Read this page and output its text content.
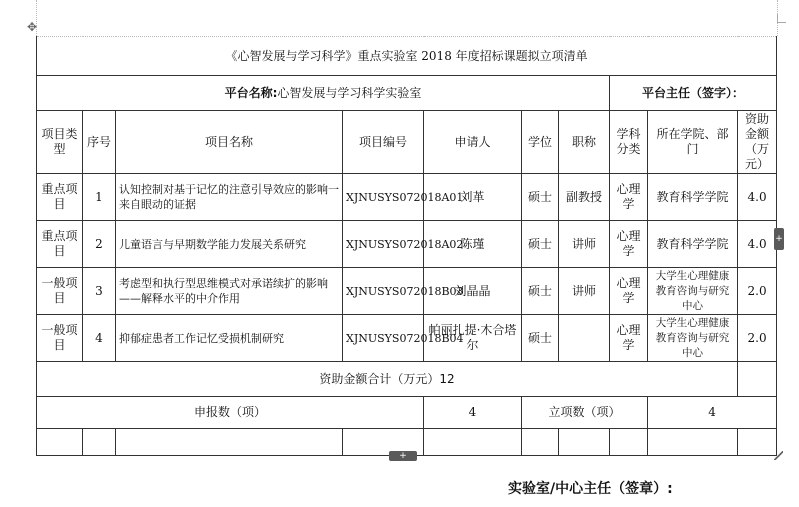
✥
《心智发展与学习科学》重点实验室 2018 年度招标课题拟立项清单									
平台名称:心智发展与学习科学实验室							平台主任（签字）：		
项目类型	序号	项目名称	项目编号	申请人	学位	职称	学科分类	所在学院、部门	资助金额（万元）
重点项目	1	认知控制对基于记忆的注意引导效应的影响一来自眼动的证据	XJNUSYS072018A01	刘革	硕士	副教授	心理学	教育科学学院	4.0
重点项目	2	儿童语言与早期数学能力发展关系研究	XJNUSYS072018A02	陈瑾	硕士	讲师	心理学	教育科学学院	4.0
一般项目	3	考虑型和执行型思维模式对承诺续扩的影响——解释水平的中介作用	XJNUSYS072018B03	刘晶晶	硕士	讲师	心理学	大学生心理健康教育咨询与研究中心	2.0
一般项目	4	抑郁症患者工作记忆受损机制研究	XJNUSYS072018B04	帕丽扎提·木合塔尔	硕士		心理学	大学生心理健康教育咨询与研究中心	2.0
资助金额合计（万元）12									
申报数（项）				4	立项数（项）			4	

+
+
实验室/中心主任（签章）:
